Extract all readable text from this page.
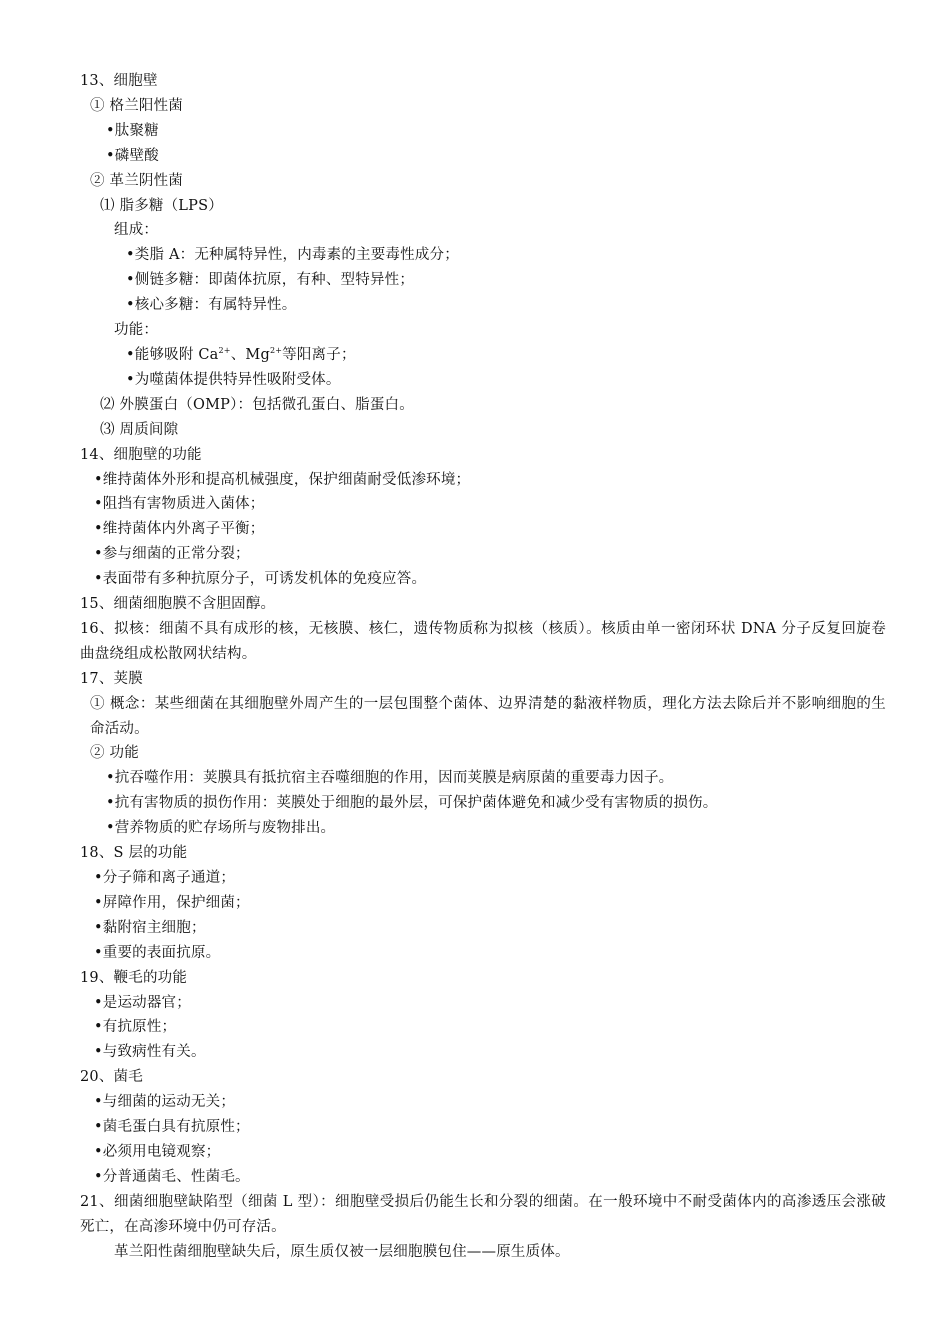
13、细胞壁
① 格兰阳性菌
•肽聚糖
•磷壁酸
② 革兰阴性菌
⑴ 脂多糖（LPS）
组成：
•类脂 A：无种属特异性，内毒素的主要毒性成分；
•侧链多糖：即菌体抗原，有种、型特异性；
•核心多糖：有属特异性。
功能：
•能够吸附 $Ca^{2+}$、$Mg^{2+}$等阳离子；
•为噬菌体提供特异性吸附受体。
⑵ 外膜蛋白（OMP）：包括微孔蛋白、脂蛋白。
⑶ 周质间隙
14、细胞壁的功能
•维持菌体外形和提高机械强度，保护细菌耐受低渗环境；
•阻挡有害物质进入菌体；
•维持菌体内外离子平衡；
•参与细菌的正常分裂；
•表面带有多种抗原分子，可诱发机体的免疫应答。
15、细菌细胞膜不含胆固醇。
16、拟核：细菌不具有成形的核，无核膜、核仁，遗传物质称为拟核（核质）。核质由单一密闭环状 DNA 分子反复回旋卷曲盘绕组成松散网状结构。
17、荚膜
① 概念：某些细菌在其细胞壁外周产生的一层包围整个菌体、边界清楚的黏液样物质，理化方法去除后并不影响细胞的生命活动。
② 功能
•抗吞噬作用：荚膜具有抵抗宿主吞噬细胞的作用，因而荚膜是病原菌的重要毒力因子。
•抗有害物质的损伤作用：荚膜处于细胞的最外层，可保护菌体避免和减少受有害物质的损伤。
•营养物质的贮存场所与废物排出。
18、S 层的功能
•分子筛和离子通道；
•屏障作用，保护细菌；
•黏附宿主细胞；
•重要的表面抗原。
19、鞭毛的功能
•是运动器官；
•有抗原性；
•与致病性有关。
20、菌毛
•与细菌的运动无关；
•菌毛蛋白具有抗原性；
•必须用电镜观察；
•分普通菌毛、性菌毛。
21、细菌细胞壁缺陷型（细菌 L 型）：细胞壁受损后仍能生长和分裂的细菌。在一般环境中不耐受菌体内的高渗透压会涨破死亡，在高渗环境中仍可存活。
革兰阳性菌细胞壁缺失后，原生质仅被一层细胞膜包住——原生质体。
